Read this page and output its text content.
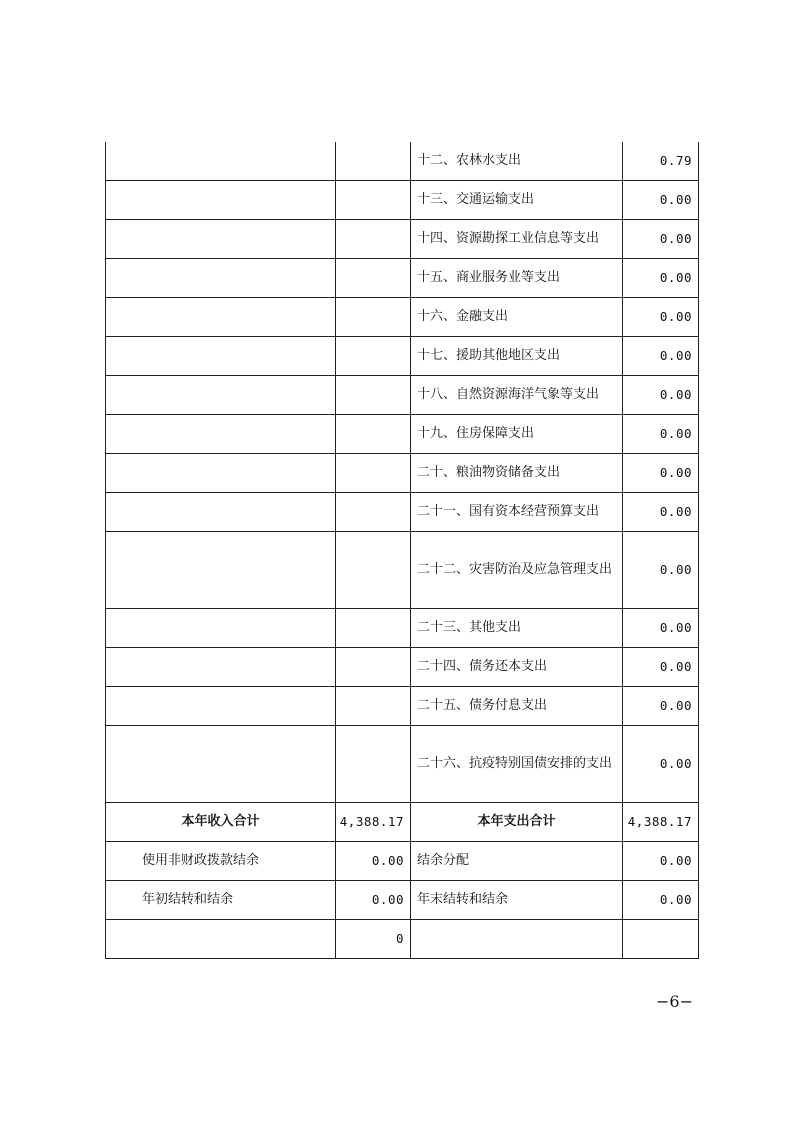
		十二、农林水支出	0.79
		十三、交通运输支出	0.00
		十四、资源勘探工业信息等支出	0.00
		十五、商业服务业等支出	0.00
		十六、金融支出	0.00
		十七、援助其他地区支出	0.00
		十八、自然资源海洋气象等支出	0.00
		十九、住房保障支出	0.00
		二十、粮油物资储备支出	0.00
		二十一、国有资本经营预算支出	0.00
		二十二、灾害防治及应急管理支出	0.00
		二十三、其他支出	0.00
		二十四、债务还本支出	0.00
		二十五、债务付息支出	0.00
		二十六、抗疫特别国债安排的支出	0.00
本年收入合计	4,388.17	本年支出合计	4,388.17
使用非财政拨款结余	0.00	结余分配	0.00
年初结转和结余	0.00	年末结转和结余	0.00
	0		
−6−
